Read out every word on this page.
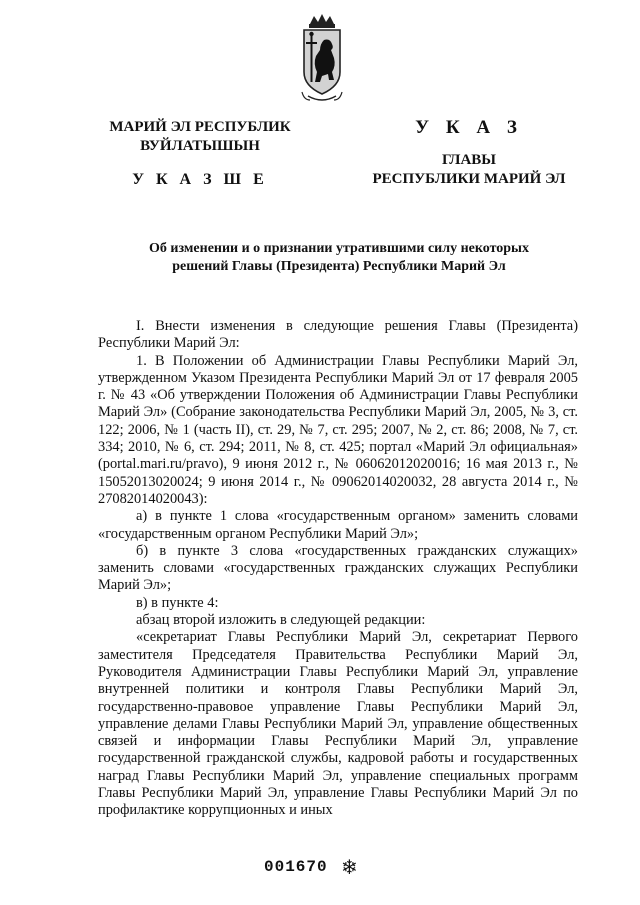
МАРИЙ ЭЛ РЕСПУБЛИК
ВУЙЛАТЫШЫН
У К А З Ш Е
У К А З
ГЛАВЫ
РЕСПУБЛИКИ МАРИЙ ЭЛ
Об изменении и о признании утратившими силу некоторых
решений Главы (Президента) Республики Марий Эл

I. Внести изменения в следующие решения Главы (Президента) Республики Марий Эл:

1. В Положении об Администрации Главы Республики Марий Эл, утвержденном Указом Президента Республики Марий Эл от 17 февраля 2005 г. № 43 «Об утверждении Положения об Администрации Главы Республики Марий Эл» (Собрание законодательства Республики Марий Эл, 2005, № 3, ст. 122; 2006, № 1 (часть II), ст. 29, № 7, ст. 295; 2007, № 2, ст. 86; 2008, № 7, ст. 334; 2010, № 6, ст. 294; 2011, № 8, ст. 425; портал «Марий Эл официальная» (portal.mari.ru/pravo), 9 июня 2012 г., № 06062012020016; 16 мая 2013 г., № 15052013020024; 9 июня 2014 г., № 09062014020032, 28 августа 2014 г., № 27082014020043):

а) в пункте 1 слова «государственным органом» заменить словами «государственным органом Республики Марий Эл»;

б) в пункте 3 слова «государственных гражданских служащих» заменить словами «государственных гражданских служащих Республики Марий Эл»;

в) в пункте 4:

абзац второй изложить в следующей редакции:

«секретариат Главы Республики Марий Эл, секретариат Первого заместителя Председателя Правительства Республики Марий Эл, Руководителя Администрации Главы Республики Марий Эл, управление внутренней политики и контроля Главы Республики Марий Эл, государственно-правовое управление Главы Республики Марий Эл, управление делами Главы Республики Марий Эл, управление общественных связей и информации Главы Республики Марий Эл, управление государственной гражданской службы, кадровой работы и государственных наград Главы Республики Марий Эл, управление специальных программ Главы Республики Марий Эл, управление Главы Республики Марий Эл по профилактике коррупционных и иных

001670 ❄
